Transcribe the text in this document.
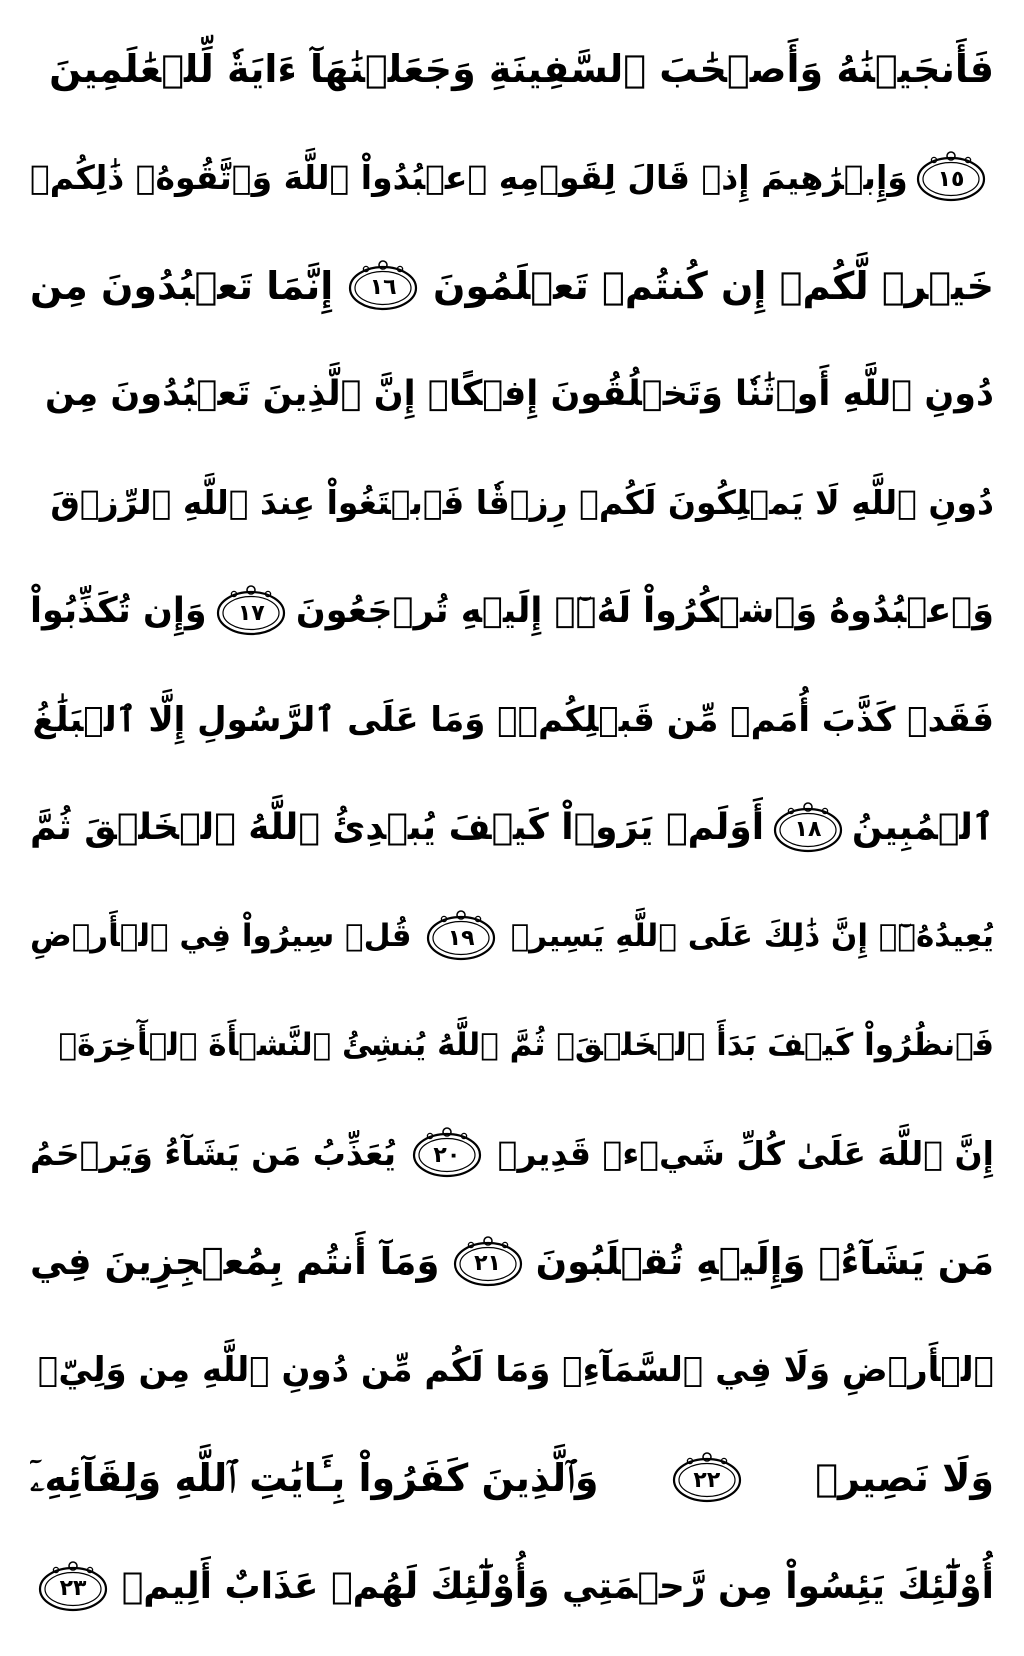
فَأَنجَيۡنَٰهُ وَأَصۡحَٰبَ ٱلسَّفِينَةِ وَجَعَلۡنَٰهَآ ءَايَةٗ لِّلۡعَٰلَمِينَ
١٥
وَإِبۡرَٰهِيمَ إِذۡ قَالَ لِقَوۡمِهِ ٱعۡبُدُواْ ٱللَّهَ وَٱتَّقُوهُۖ ذَٰلِكُمۡ
خَيۡرٞ لَّكُمۡ إِن كُنتُمۡ تَعۡلَمُونَ
١٦
إِنَّمَا تَعۡبُدُونَ مِن
دُونِ ٱللَّهِ أَوۡثَٰنٗا وَتَخۡلُقُونَ إِفۡكًاۚ إِنَّ ٱلَّذِينَ تَعۡبُدُونَ مِن
دُونِ ٱللَّهِ لَا يَمۡلِكُونَ لَكُمۡ رِزۡقٗا فَٱبۡتَغُواْ عِندَ ٱللَّهِ ٱلرِّزۡقَ
وَٱعۡبُدُوهُ وَٱشۡكُرُواْ لَهُۥٓۖ إِلَيۡهِ تُرۡجَعُونَ
١٧
وَإِن تُكَذِّبُواْ
فَقَدۡ كَذَّبَ أُمَمٞ مِّن قَبۡلِكُمۡۖ وَمَا عَلَى ٱلرَّسُولِ إِلَّا ٱلۡبَلَٰغُ
ٱلۡمُبِينُ
١٨
أَوَلَمۡ يَرَوۡاْ كَيۡفَ يُبۡدِئُ ٱللَّهُ ٱلۡخَلۡقَ ثُمَّ
يُعِيدُهُۥٓۚ إِنَّ ذَٰلِكَ عَلَى ٱللَّهِ يَسِيرٞ
١٩
قُلۡ سِيرُواْ فِي ٱلۡأَرۡضِ
فَٱنظُرُواْ كَيۡفَ بَدَأَ ٱلۡخَلۡقَۚ ثُمَّ ٱللَّهُ يُنشِئُ ٱلنَّشۡأَةَ ٱلۡأٓخِرَةَۚ
إِنَّ ٱللَّهَ عَلَىٰ كُلِّ شَيۡءٖ قَدِيرٞ
٢٠
يُعَذِّبُ مَن يَشَآءُ وَيَرۡحَمُ
مَن يَشَآءُۖ وَإِلَيۡهِ تُقۡلَبُونَ
٢١
وَمَآ أَنتُم بِمُعۡجِزِينَ فِي
ٱلۡأَرۡضِ وَلَا فِي ٱلسَّمَآءِۖ وَمَا لَكُم مِّن دُونِ ٱللَّهِ مِن وَلِيّٖ
وَلَا نَصِيرٖ
٢٢
وَٱلَّذِينَ كَفَرُواْ بِـَٔايَٰتِ ٱللَّهِ وَلِقَآئِهِۦٓ
أُوْلَٰٓئِكَ يَئِسُواْ مِن رَّحۡمَتِي وَأُوْلَٰٓئِكَ لَهُمۡ عَذَابٌ أَلِيمٞ
٢٣
